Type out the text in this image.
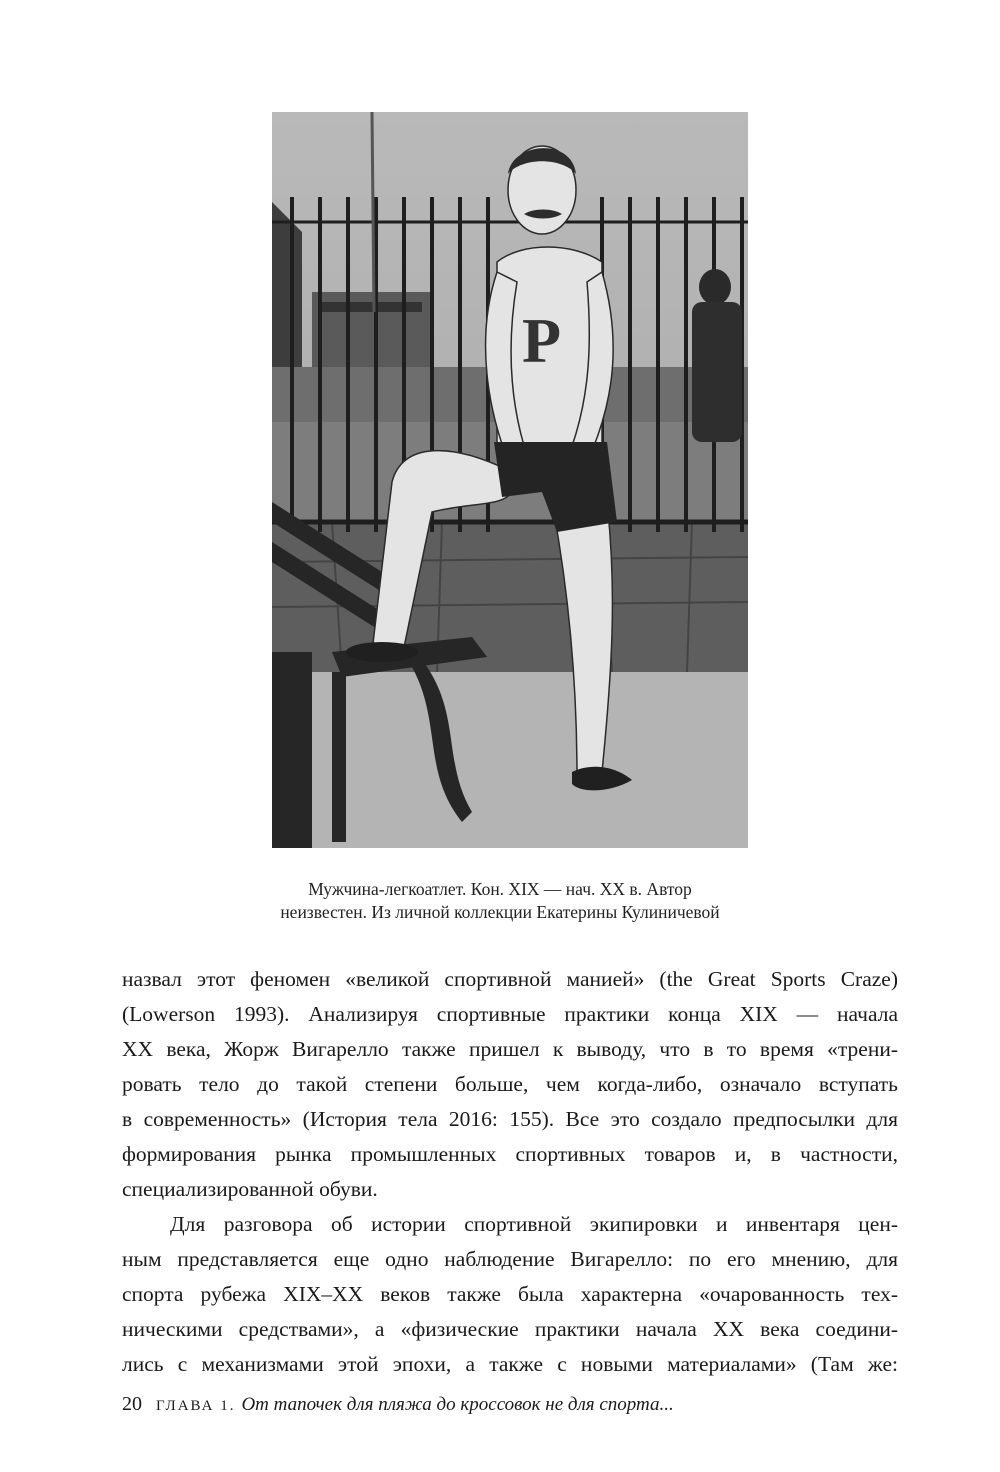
P
Мужчина-легкоатлет. Кон. XIX — нач. XX в. Автор
неизвестен. Из личной коллекции Екатерины Кулиничевой
назвал этот феномен «великой спортивной манией» (the Great Sports Craze)
(Lowerson 1993). Анализируя спортивные практики конца XIX — начала
XX века, Жорж Вигарелло также пришел к выводу, что в то время «трени-
ровать тело до такой степени больше, чем когда-либо, означало вступать
в современность» (История тела 2016: 155). Все это создало предпосылки для
формирования рынка промышленных спортивных товаров и, в частности,
специализированной обуви.
Для разговора об истории спортивной экипировки и инвентаря цен-
ным представляется еще одно наблюдение Вигарелло: по его мнению, для
спорта рубежа XIX–XX веков также была характерна «очарованность тех-
ническими средствами», а «физические практики начала XX века соедини-
лись с механизмами этой эпохи, а также с новыми материалами» (Там же:
20 ГЛАВА 1. От тапочек для пляжа до кроссовок не для спорта...
